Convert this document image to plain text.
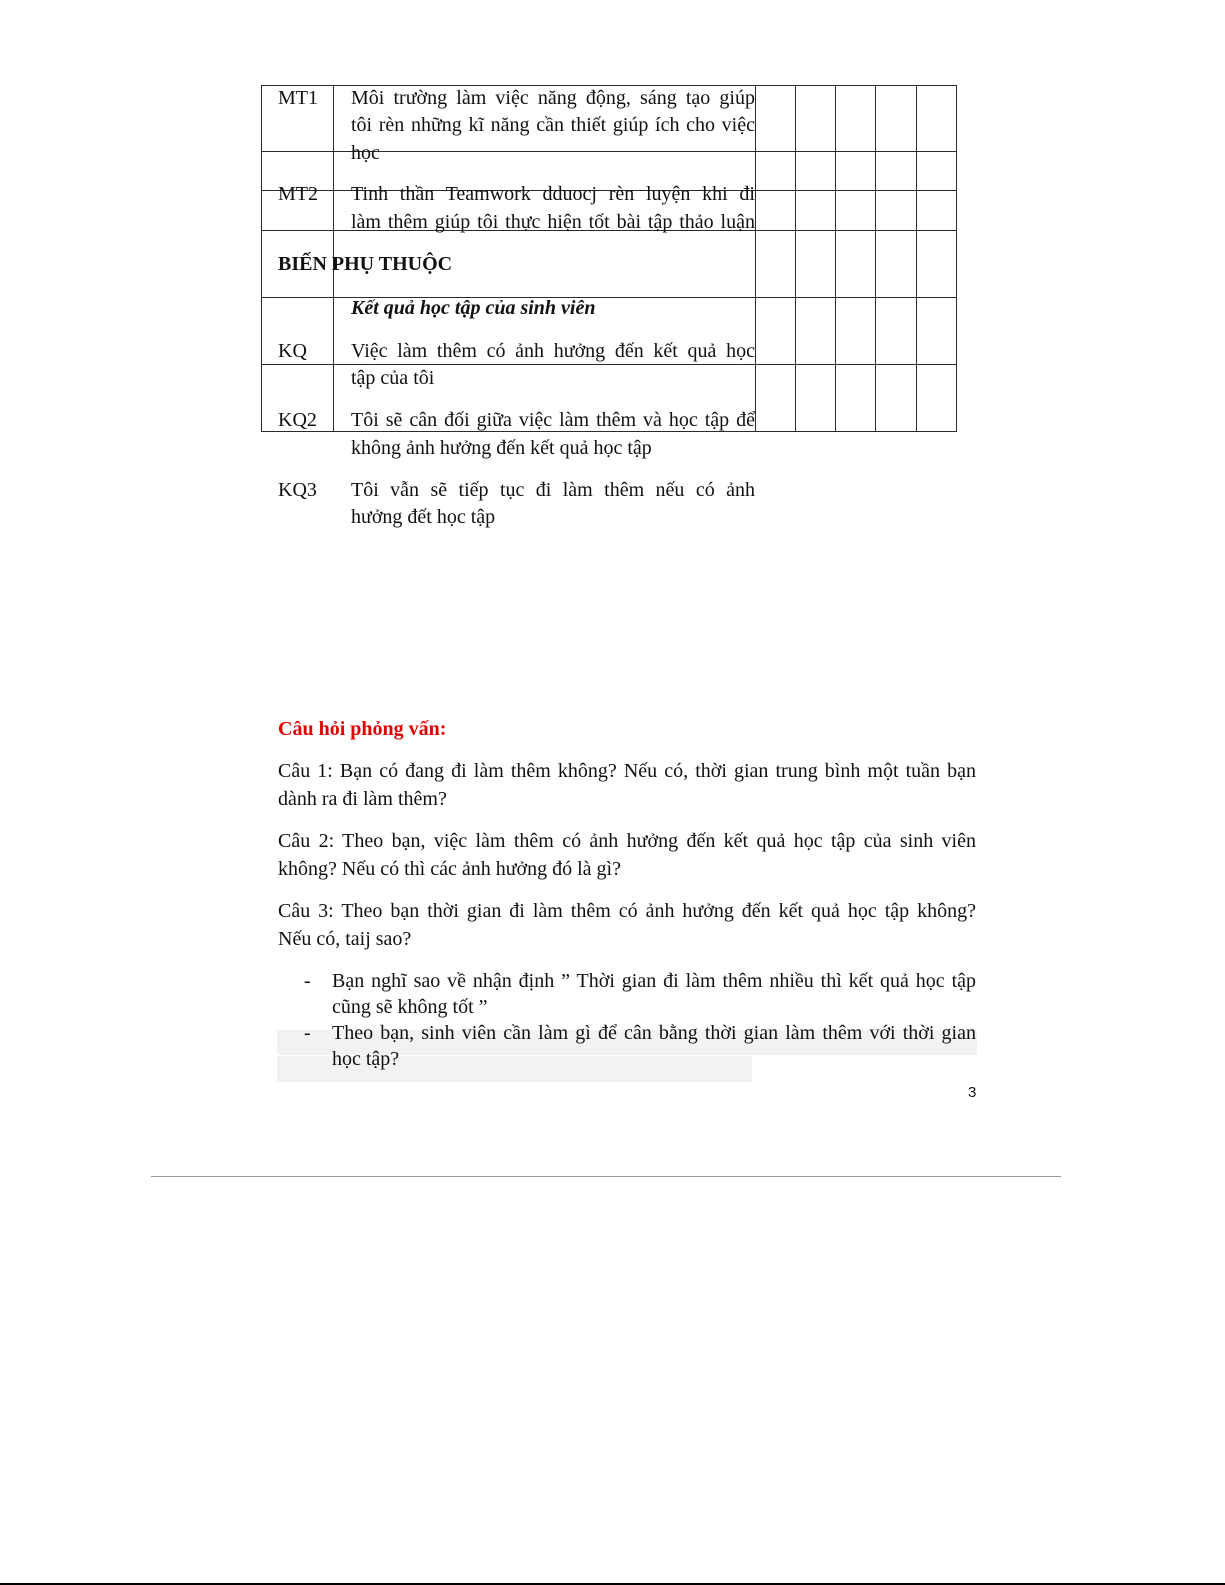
MT1 Môi trường làm việc năng động, sáng tạo giúp
tôi rèn những kĩ năng cần thiết giúp ích cho việc
học
MT2 Tinh thần Teamwork dduocj rèn luyện khi đi
làm thêm giúp tôi thực hiện tốt bài tập thảo luận
BIẾN PHỤ THUỘC
Kết quả học tập của sinh viên
KQ Việc làm thêm có ảnh hưởng đến kết quả học
tập của tôi
KQ2 Tôi sẽ cân đối giữa việc làm thêm và học tập để
không ảnh hưởng đến kết quả học tập
KQ3 Tôi vẫn sẽ tiếp tục đi làm thêm nếu có ảnh
hưởng đết học tập
Câu hỏi phỏng vấn:
Câu 1: Bạn có đang đi làm thêm không? Nếu có, thời gian trung bình một tuần bạn
dành ra đi làm thêm?
Câu 2: Theo bạn, việc làm thêm có ảnh hưởng đến kết quả học tập của sinh viên
không? Nếu có thì các ảnh hưởng đó là gì?
Câu 3: Theo bạn thời gian đi làm thêm có ảnh hưởng đến kết quả học tập không?
Nếu có, taij sao?
- Bạn nghĩ sao về nhận định ” Thời gian đi làm thêm nhiều thì kết quả học tập
cũng sẽ không tốt ”
- Theo bạn, sinh viên cần làm gì để cân bằng thời gian làm thêm với thời gian
học tập?
3
